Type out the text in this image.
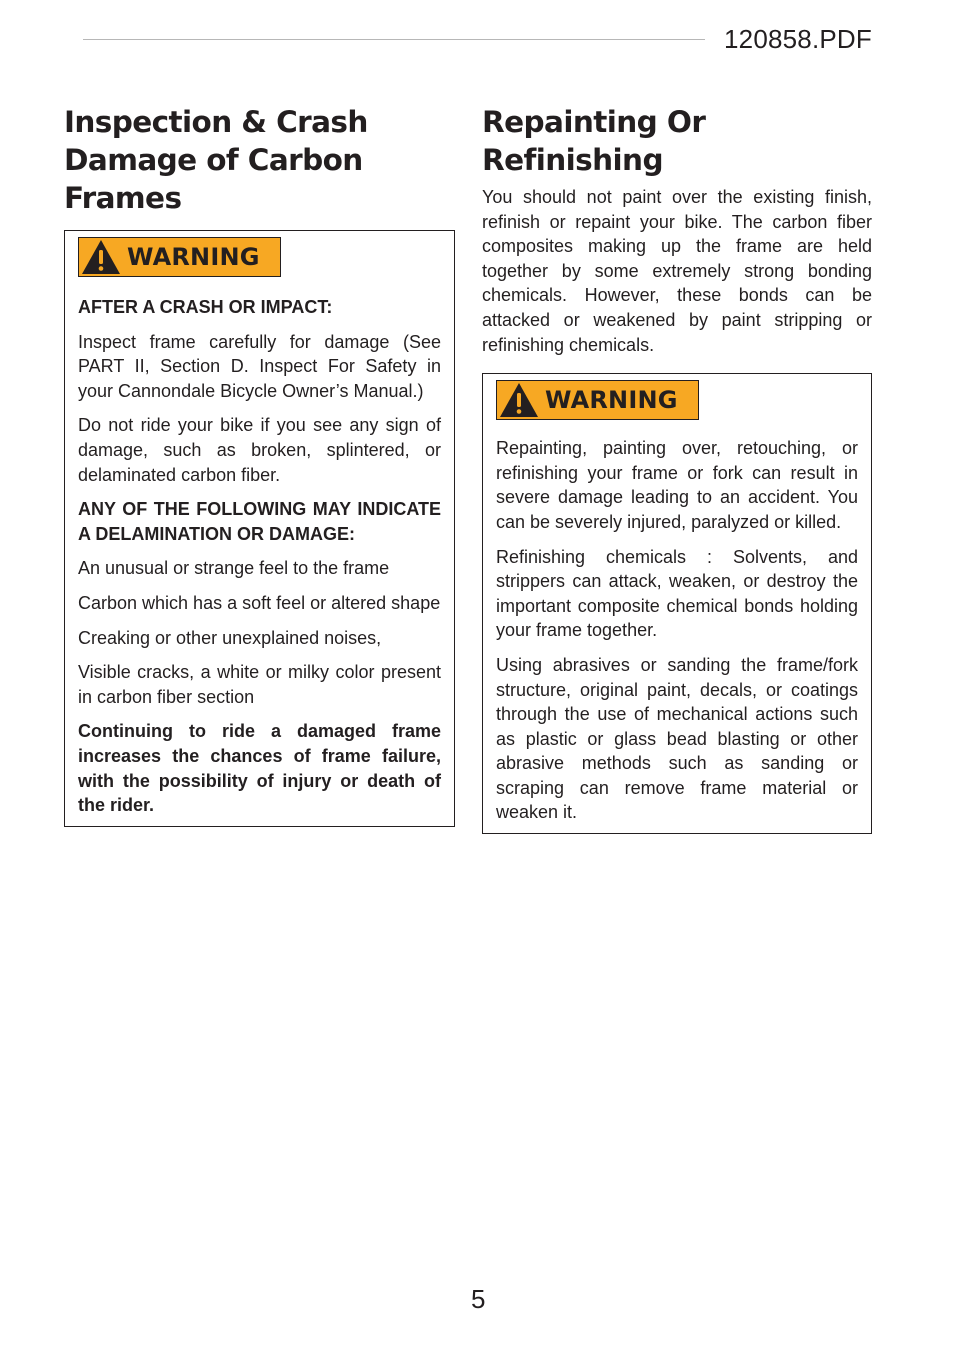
120858.PDF
Inspection & Crash Damage of Carbon Frames
WARNING

AFTER A CRASH OR IMPACT:

Inspect frame carefully for damage (See PART II, Section D. Inspect For Safety in your Cannondale Bicycle Owner’s Manual.)

Do not ride your bike if you see any sign of damage, such as broken, splintered, or delaminated carbon fiber.

ANY OF THE FOLLOWING MAY INDICATE A DELAMINATION OR DAMAGE:

An unusual or strange feel to the frame

Carbon which has a soft feel or altered shape

Creaking or other unexplained noises,

Visible cracks, a white or milky color present in carbon fiber section

Continuing to ride a damaged frame increases the chances of frame failure, with the possibility of injury or death of the rider.

Repainting Or Refinishing

You should not paint over the existing finish, refinish or repaint your bike. The carbon fiber composites making up the frame are held together by some extremely strong bonding chemicals. However, these bonds can be attacked or weakened by paint stripping or refinishing chemicals.

WARNING

Repainting, painting over, retouching, or refinishing your frame or fork can result in severe damage leading to an accident. You can be severely injured, paralyzed or killed.

Refinishing chemicals : Solvents, and strippers can attack, weaken, or destroy the important composite chemical bonds holding your frame together.

Using abrasives or sanding the frame/fork structure, original paint, decals, or coatings through the use of mechanical actions such as plastic or glass bead blasting or other abrasive methods such as sanding or scraping can remove frame material or weaken it.

5
